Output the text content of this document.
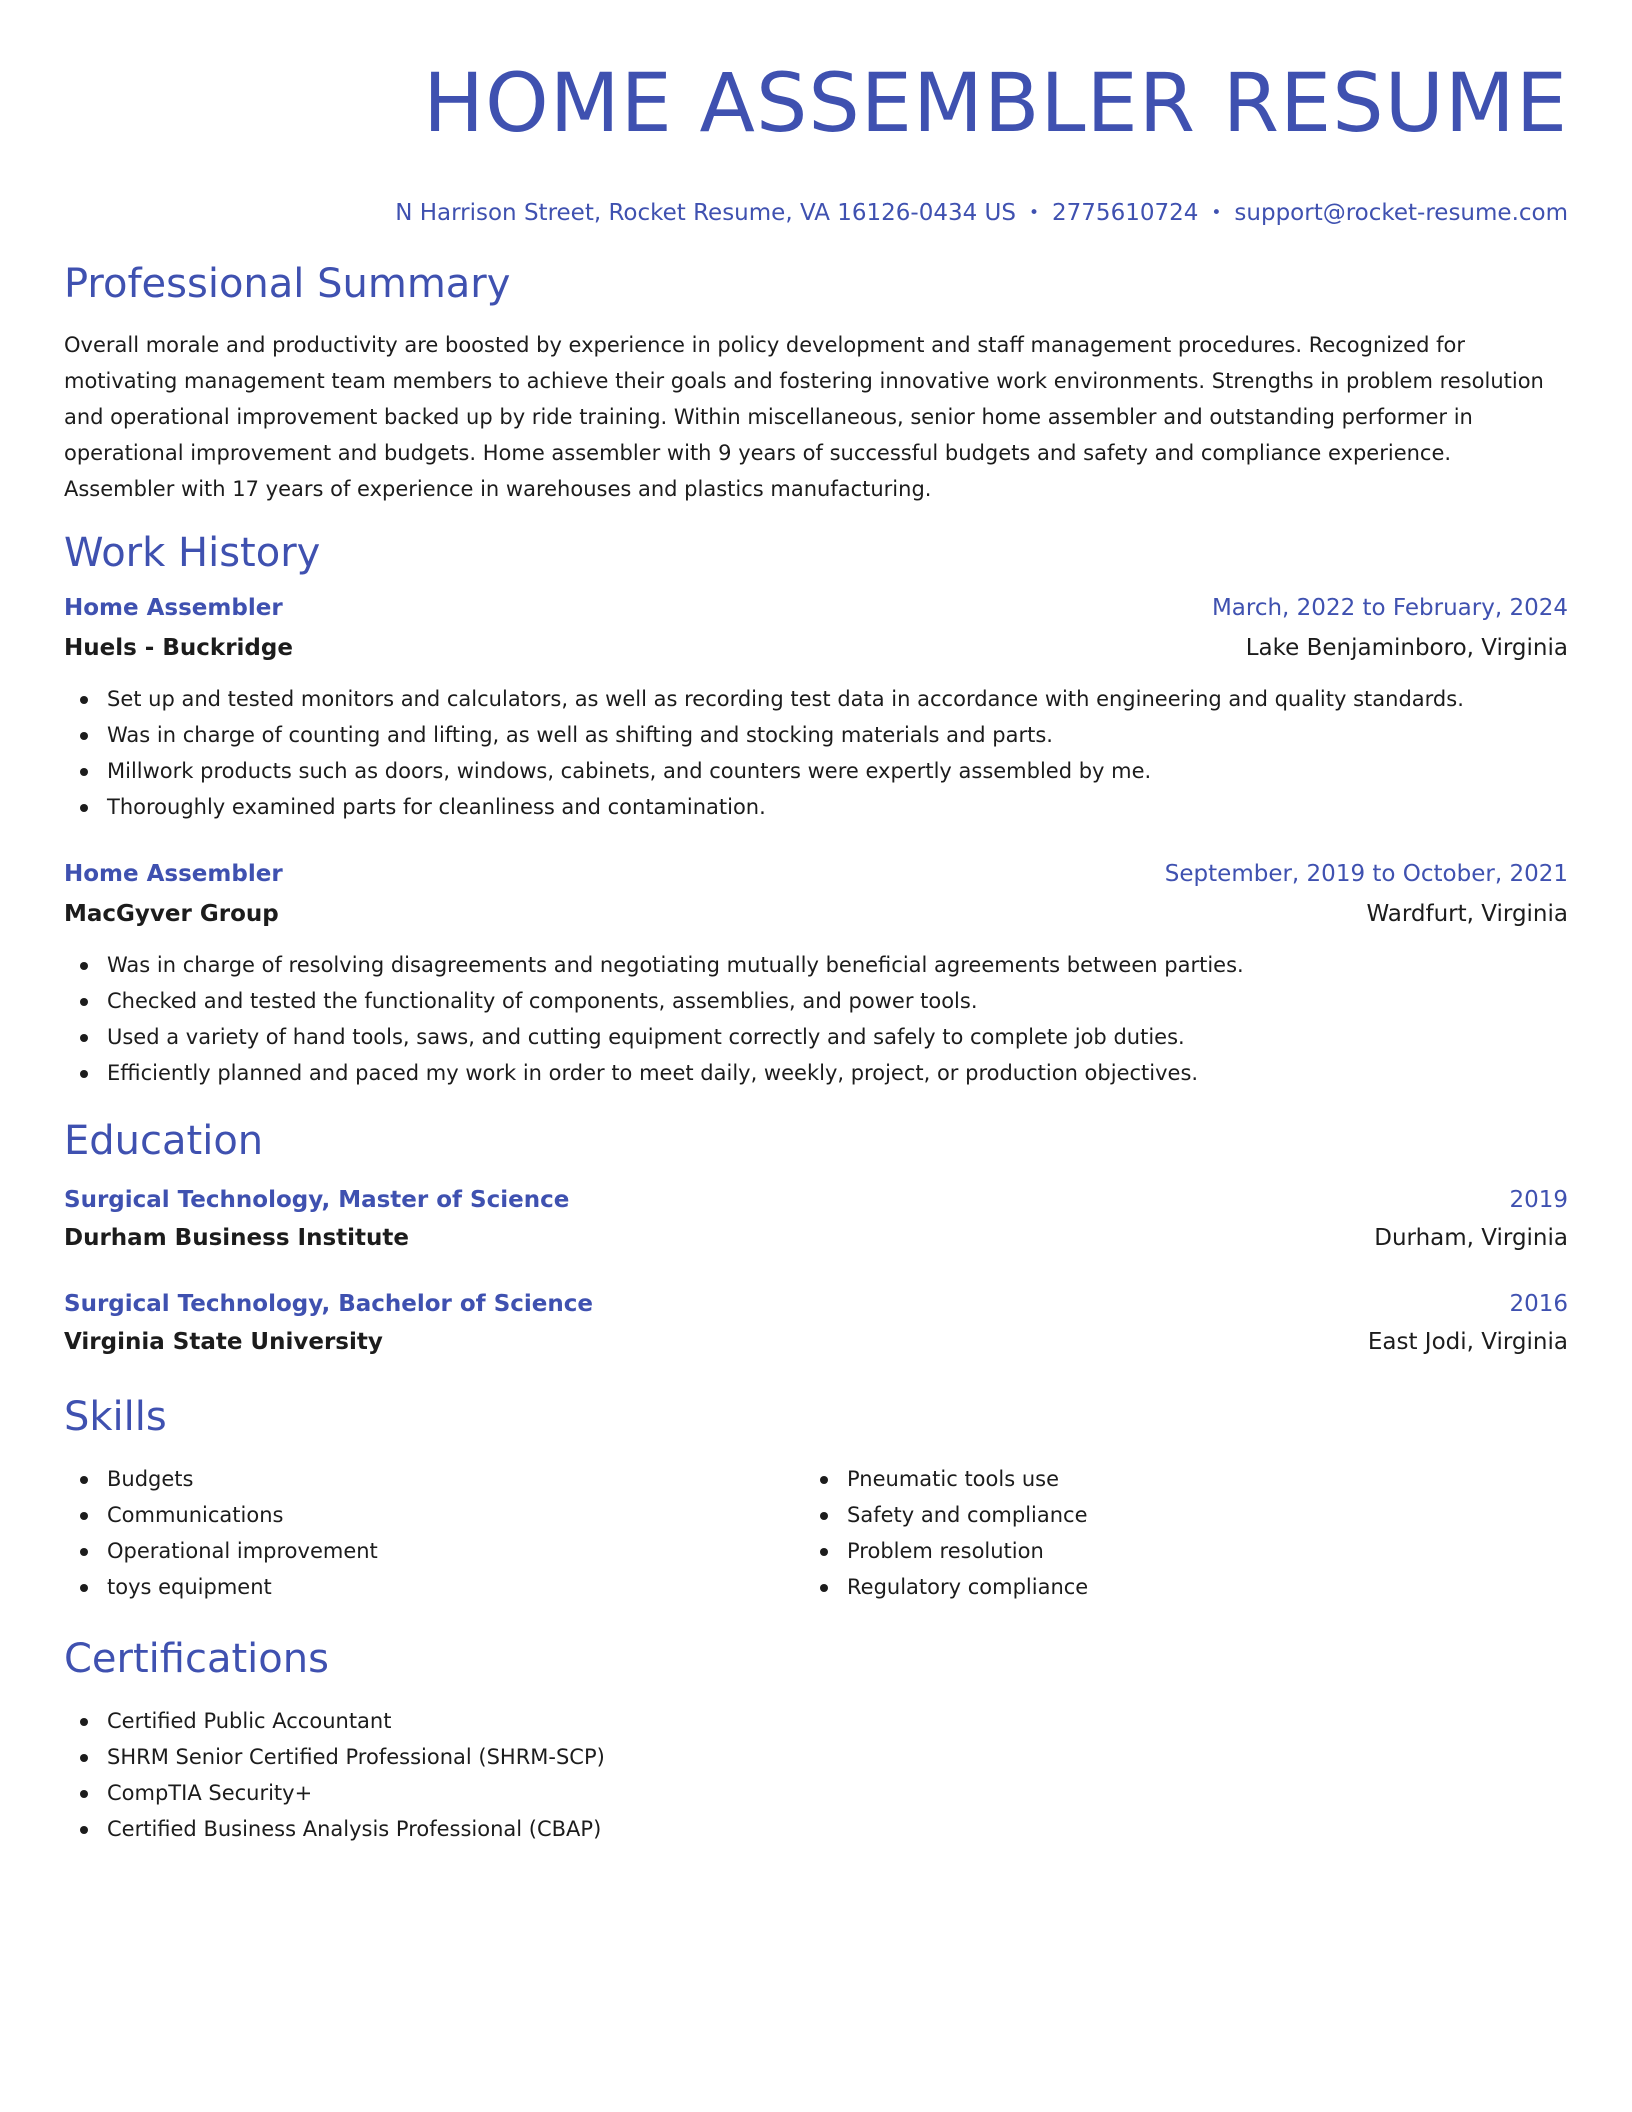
HOME ASSEMBLER RESUME
N Harrison Street, Rocket Resume, VA 16126-0434 US • 2775610724 • support@rocket-resume.com
Professional Summary

Overall morale and productivity are boosted by experience in policy development and staff management procedures. Recognized for motivating management team members to achieve their goals and fostering innovative work environments. Strengths in problem resolution and operational improvement backed up by ride training. Within miscellaneous, senior home assembler and outstanding performer in operational improvement and budgets. Home assembler with 9 years of successful budgets and safety and compliance experience. Assembler with 17 years of experience in warehouses and plastics manufacturing.

Work History
Home Assembler	March, 2022 to February, 2024
Huels - Buckridge	Lake Benjaminboro, Virginia
Set up and tested monitors and calculators, as well as recording test data in accordance with engineering and quality standards.
Was in charge of counting and lifting, as well as shifting and stocking materials and parts.
Millwork products such as doors, windows, cabinets, and counters were expertly assembled by me.
Thoroughly examined parts for cleanliness and contamination.
Home Assembler	September, 2019 to October, 2021
MacGyver Group	Wardfurt, Virginia
Was in charge of resolving disagreements and negotiating mutually beneficial agreements between parties.
Checked and tested the functionality of components, assemblies, and power tools.
Used a variety of hand tools, saws, and cutting equipment correctly and safely to complete job duties.
Efficiently planned and paced my work in order to meet daily, weekly, project, or production objectives.
Education
Surgical Technology, Master of Science	2019
Durham Business Institute	Durham, Virginia
Surgical Technology, Bachelor of Science	2016
Virginia State University	East Jodi, Virginia
Skills
Budgets
Communications
Operational improvement
toys equipment
Pneumatic tools use
Safety and compliance
Problem resolution
Regulatory compliance
Certifications
Certified Public Accountant
SHRM Senior Certified Professional (SHRM-SCP)
CompTIA Security+
Certified Business Analysis Professional (CBAP)
